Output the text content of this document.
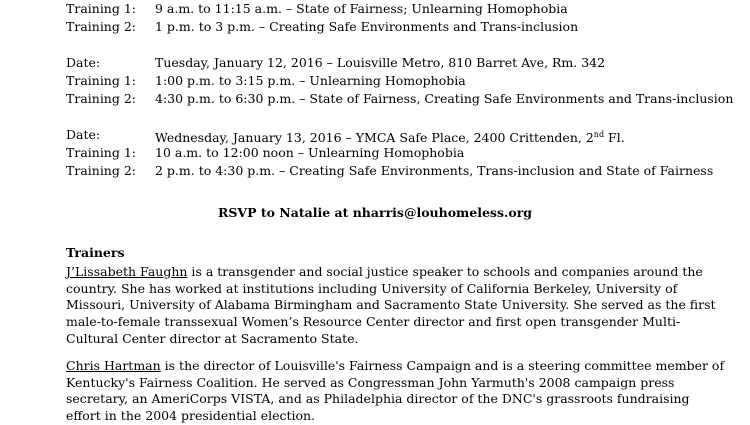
Training 1: 9 a.m. to 11:15 a.m. – State of Fairness; Unlearning Homophobia
Training 2: 1 p.m. to 3 p.m. – Creating Safe Environments and Trans-inclusion
Date:	Tuesday, January 12, 2016 – Louisville Metro, 810 Barret Ave, Rm. 342
Training 1: 1:00 p.m. to 3:15 p.m. – Unlearning Homophobia
Training 2: 4:30 p.m. to 6:30 p.m. – State of Fairness, Creating Safe Environments and Trans-inclusion
Date:	Wednesday, January 13, 2016 – YMCA Safe Place, 2400 Crittenden, 2nd Fl.
Training 1: 10 a.m. to 12:00 noon – Unlearning Homophobia
Training 2: 2 p.m. to 4:30 p.m. – Creating Safe Environments, Trans-inclusion and State of Fairness
RSVP to Natalie at nharris@louhomeless.org
Trainers
J’Lissabeth Faughn is a transgender and social justice speaker to schools and companies around the
country. She has worked at institutions including University of California Berkeley, University of
Missouri, University of Alabama Birmingham and Sacramento State University. She served as the first
male-to-female transsexual Women’s Resource Center director and first open transgender Multi-
Cultural Center director at Sacramento State.
Chris Hartman is the director of Louisville's Fairness Campaign and is a steering committee member of
Kentucky's Fairness Coalition. He served as Congressman John Yarmuth's 2008 campaign press
secretary, an AmeriCorps VISTA, and as Philadelphia director of the DNC's grassroots fundraising
effort in the 2004 presidential election.
